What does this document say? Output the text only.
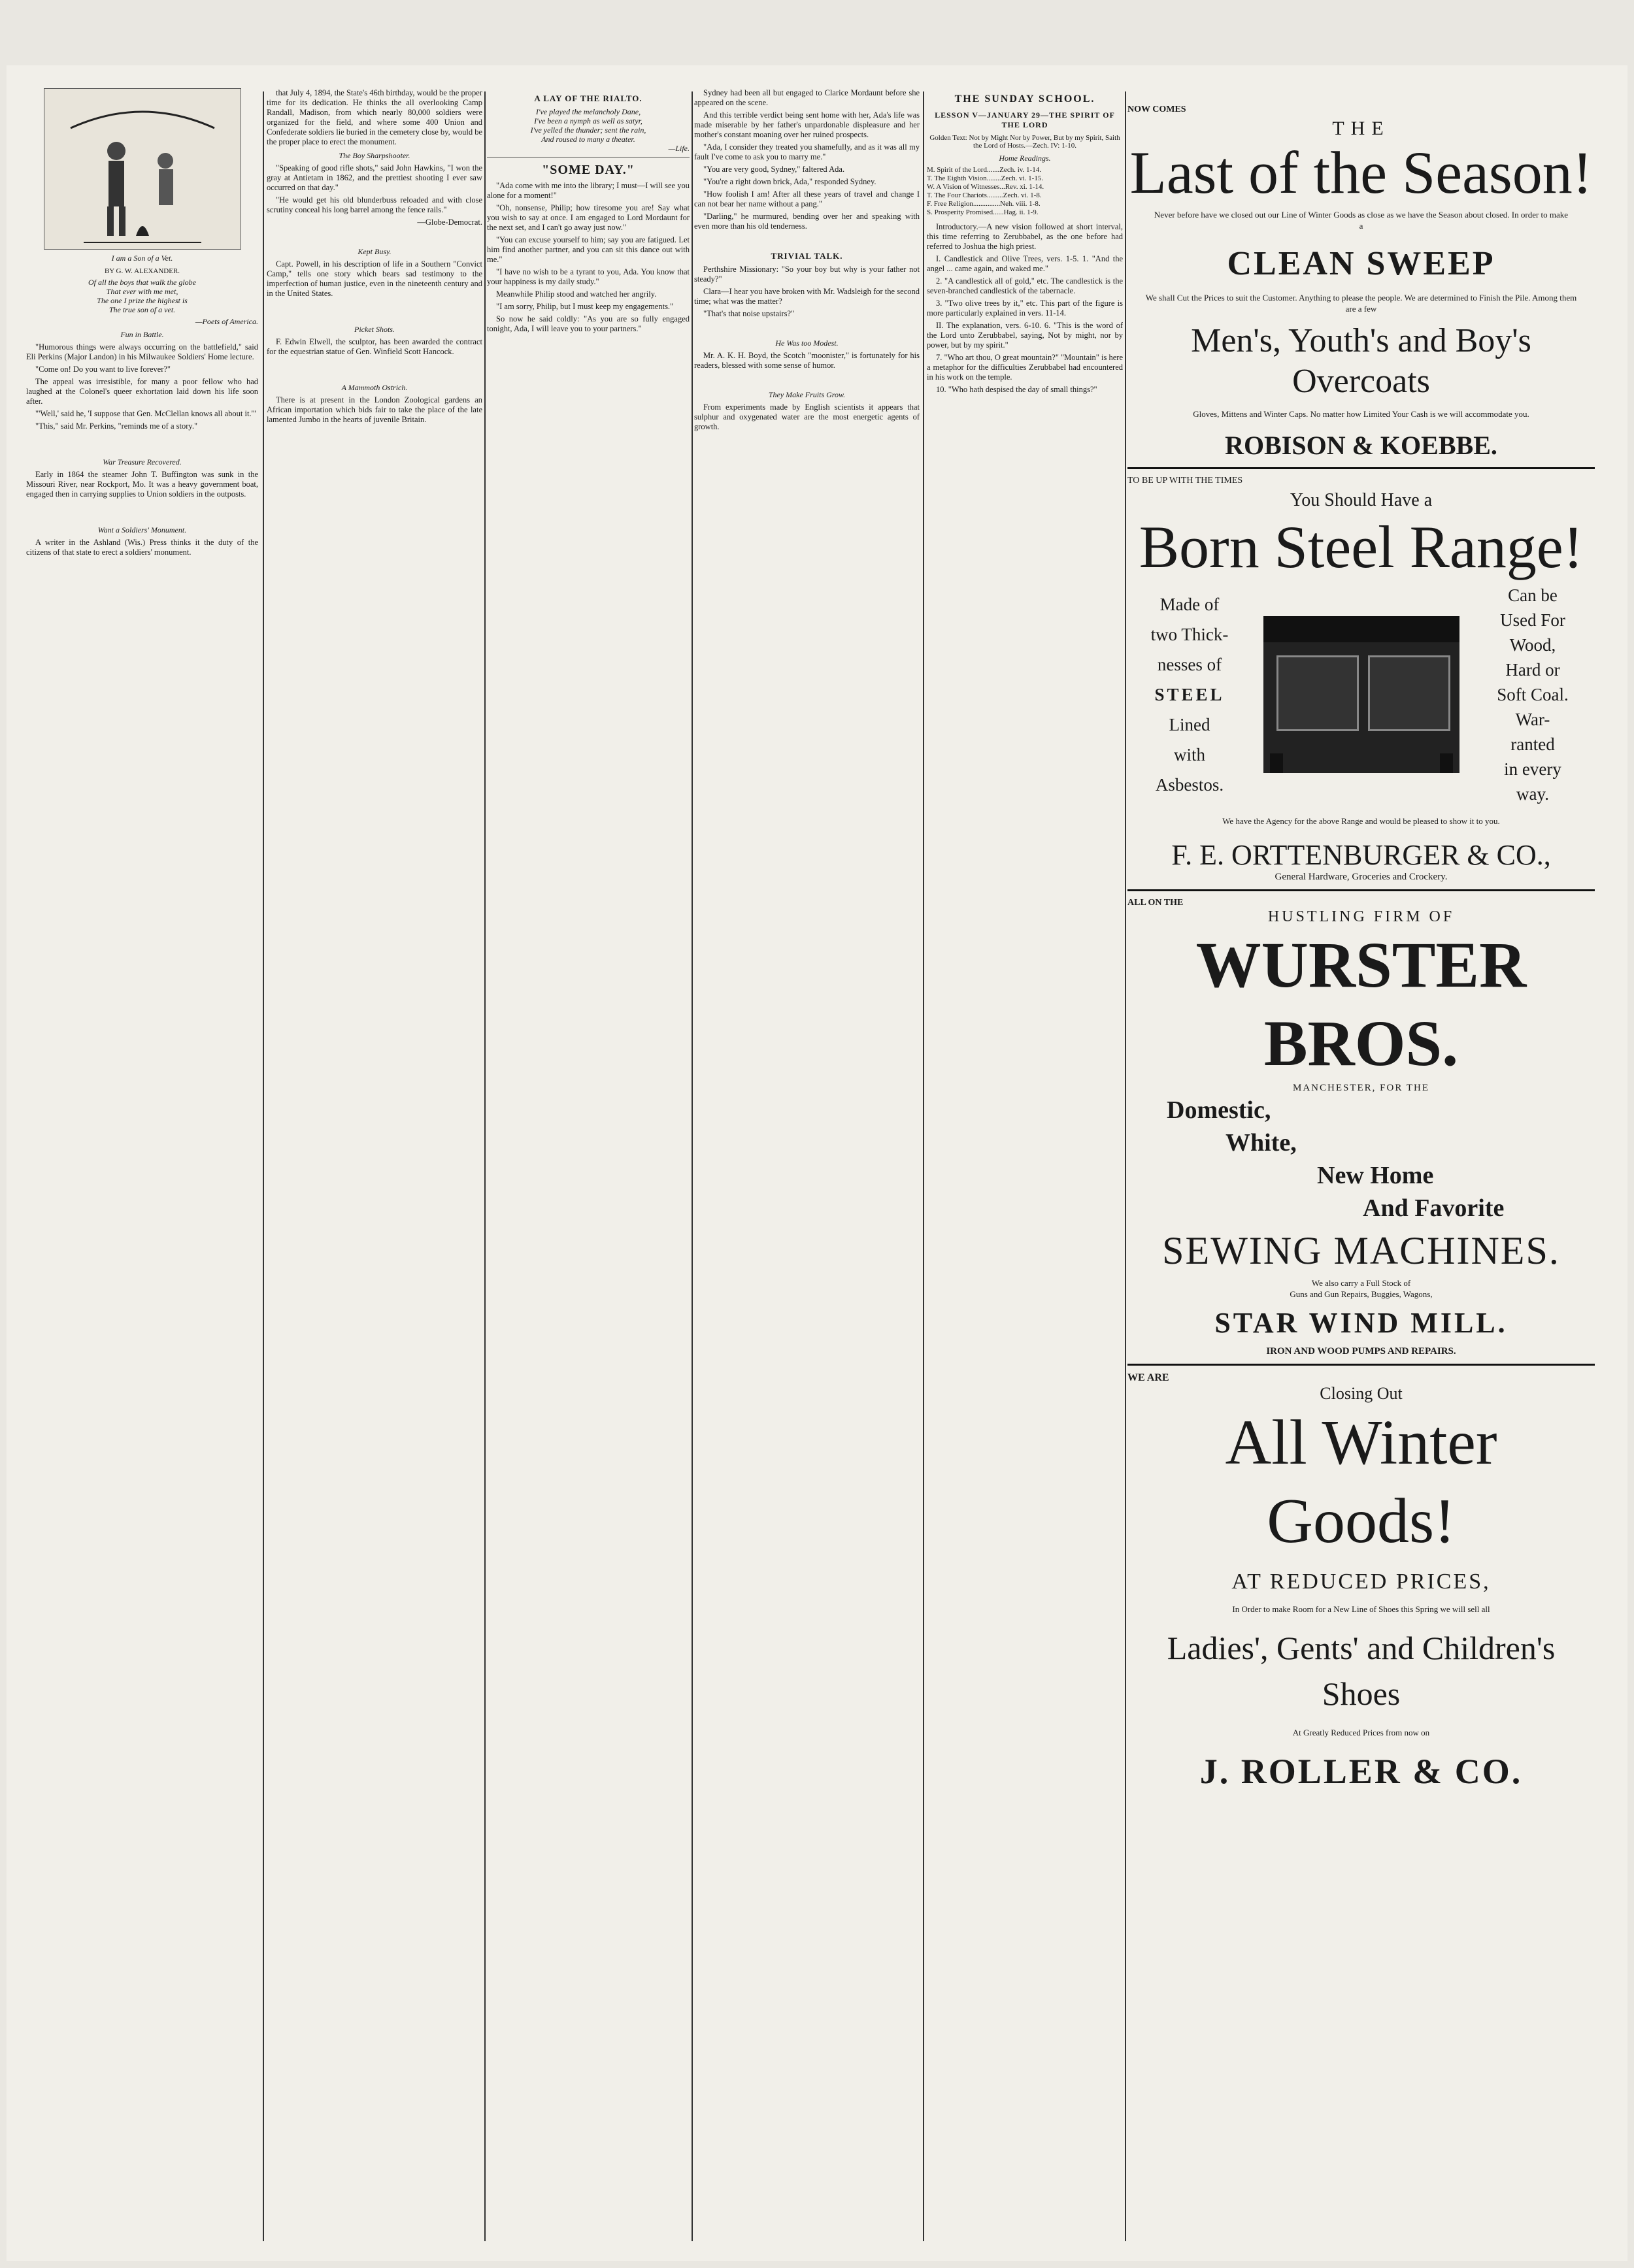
I am a Son of a Vet.
BY G. W. ALEXANDER.
Of all the boys that walk the globe
That ever with me met,
The one I prize the highest is
The true son of a vet.
—Poets of America.
Fun in Battle.

"Humorous things were always occurring on the battlefield," said Eli Perkins (Major Landon) in his Milwaukee Soldiers' Home lecture.

"Come on! Do you want to live forever?"

The appeal was irresistible, for many a poor fellow who had laughed at the Colonel's queer exhortation laid down his life soon after.

"'Well,' said he, 'I suppose that Gen. McClellan knows all about it.'"

"This," said Mr. Perkins, "reminds me of a story."

War Treasure Recovered.

Early in 1864 the steamer John T. Buffington was sunk in the Missouri River, near Rockport, Mo. It was a heavy government boat, engaged then in carrying supplies to Union soldiers in the outposts.

Want a Soldiers' Monument.

A writer in the Ashland (Wis.) Press thinks it the duty of the citizens of that state to erect a soldiers' monument.

that July 4, 1894, the State's 46th birthday, would be the proper time for its dedication. He thinks the all overlooking Camp Randall, Madison, from which nearly 80,000 soldiers were organized for the field, and where some 400 Union and Confederate soldiers lie buried in the cemetery close by, would be the proper place to erect the monument.

The Boy Sharpshooter.

"Speaking of good rifle shots," said John Hawkins, "I won the gray at Antietam in 1862, and the prettiest shooting I ever saw occurred on that day."

"He would get his old blunderbuss reloaded and with close scrutiny conceal his long barrel among the fence rails."

—Globe-Democrat.

Kept Busy.

Capt. Powell, in his description of life in a Southern "Convict Camp," tells one story which bears sad testimony to the imperfection of human justice, even in the nineteenth century and in the United States.

Picket Shots.

F. Edwin Elwell, the sculptor, has been awarded the contract for the equestrian statue of Gen. Winfield Scott Hancock.

A Mammoth Ostrich.

There is at present in the London Zoological gardens an African importation which bids fair to take the place of the late lamented Jumbo in the hearts of juvenile Britain.

A LAY OF THE RIALTO.
I've played the melancholy Dane,
I've been a nymph as well as satyr,
I've yelled the thunder; sent the rain,
And roused to many a theater.
—Life.
"SOME DAY."

"Ada come with me into the library; I must—I will see you alone for a moment!"

"Oh, nonsense, Philip; how tiresome you are! Say what you wish to say at once. I am engaged to Lord Mordaunt for the next set, and I can't go away just now."

"You can excuse yourself to him; say you are fatigued. Let him find another partner, and you can sit this dance out with me."

"I have no wish to be a tyrant to you, Ada. You know that your happiness is my daily study."

Meanwhile Philip stood and watched her angrily.

"I am sorry, Philip, but I must keep my engagements."

So now he said coldly: "As you are so fully engaged tonight, Ada, I will leave you to your partners."

Sydney had been all but engaged to Clarice Mordaunt before she appeared on the scene.

And this terrible verdict being sent home with her, Ada's life was made miserable by her father's unpardonable displeasure and her mother's constant moaning over her ruined prospects.

"Ada, I consider they treated you shamefully, and as it was all my fault I've come to ask you to marry me."

"You are very good, Sydney," faltered Ada.

"You're a right down brick, Ada," responded Sydney.

"How foolish I am! After all these years of travel and change I can not bear her name without a pang."

"Darling," he murmured, bending over her and speaking with even more than his old tenderness.

TRIVIAL TALK.

Perthshire Missionary: "So your boy but why is your father not steady?"

Clara—I hear you have broken with Mr. Wadsleigh for the second time; what was the matter?

"That's that noise upstairs?"

He Was too Modest.

Mr. A. K. H. Boyd, the Scotch "moonister," is fortunately for his readers, blessed with some sense of humor.

They Make Fruits Grow.

From experiments made by English scientists it appears that sulphur and oxygenated water are the most energetic agents of growth.

THE SUNDAY SCHOOL.
LESSON V—JANUARY 29—THE SPIRIT OF THE LORD
Golden Text: Not by Might Nor by Power, But by my Spirit, Saith the Lord of Hosts.—Zech. IV: 1-10.
Home Readings.
M. Spirit of the Lord.......Zech. iv. 1-14.
T. The Eighth Vision........Zech. vi. 1-15.
W. A Vision of Witnesses...Rev. xi. 1-14.
T. The Four Chariots.........Zech. vi. 1-8.
F. Free Religion...............Neh. viii. 1-8.
S. Prosperity Promised......Hag. ii. 1-9.

Introductory.—A new vision followed at short interval, this time referring to Zerubbabel, as the one before had referred to Joshua the high priest.

I. Candlestick and Olive Trees, vers. 1-5. 1. "And the angel ... came again, and waked me."

2. "A candlestick all of gold," etc. The candlestick is the seven-branched candlestick of the tabernacle.

3. "Two olive trees by it," etc. This part of the figure is more particularly explained in vers. 11-14.

II. The explanation, vers. 6-10. 6. "This is the word of the Lord unto Zerubbabel, saying, Not by might, nor by power, but by my spirit."

7. "Who art thou, O great mountain?" "Mountain" is here a metaphor for the difficulties Zerubbabel had encountered in his work on the temple.

10. "Who hath despised the day of small things?"

NOW COMES
THE
Last of the Season!
Never before have we closed out our Line of Winter Goods as close as we have the Season about closed. In order to make a
CLEAN SWEEP
We shall Cut the Prices to suit the Customer. Anything to please the people. We are determined to Finish the Pile. Among them are a few
Men's, Youth's and Boy's Overcoats
Gloves, Mittens and Winter Caps. No matter how Limited Your Cash is we will accommodate you.
ROBISON & KOEBBE.
TO BE UP WITH THE TIMES
You Should Have a
Born Steel Range!
Made of
two Thick-
nesses of
STEEL
Lined
with
Asbestos.
Can be
Used For
Wood,
Hard or
Soft Coal.
War-
ranted
in every
way.
We have the Agency for the above Range and would be pleased to show it to you.
F. E. ORTTENBURGER & CO.,
General Hardware, Groceries and Crockery.
ALL ON THE
HUSTLING FIRM OF
WURSTER BROS.
MANCHESTER, FOR THE
Domestic,
White,
New Home
And Favorite
SEWING MACHINES.
We also carry a Full Stock of
Guns and Gun Repairs, Buggies, Wagons,
STAR WIND MILL.
IRON AND WOOD PUMPS AND REPAIRS.
WE ARE
Closing Out
All Winter Goods!
AT REDUCED PRICES,
In Order to make Room for a New Line of Shoes this Spring we will sell all
Ladies', Gents' and Children's Shoes
At Greatly Reduced Prices from now on
J. ROLLER & CO.
